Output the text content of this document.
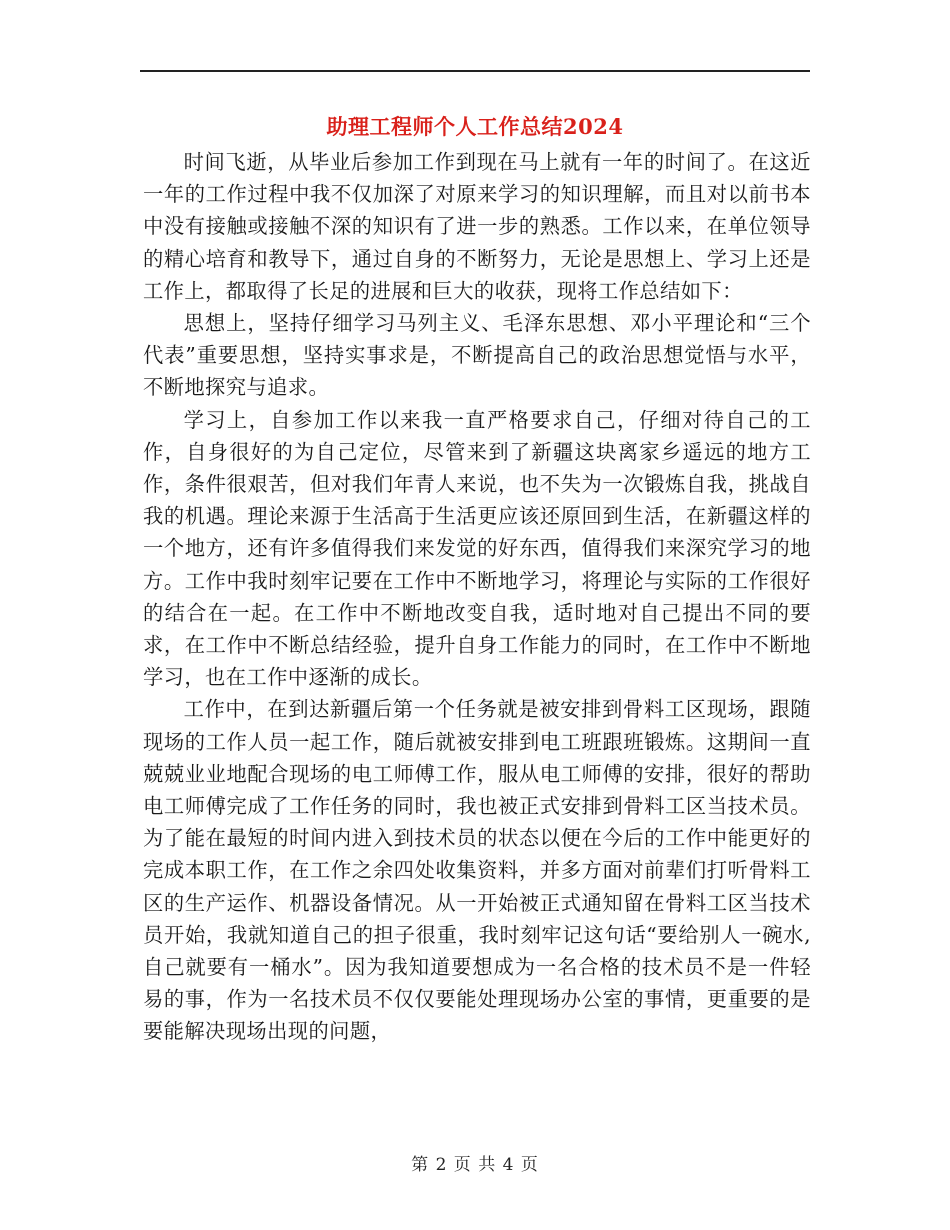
助理工程师个人工作总结2024

时间飞逝，从毕业后参加工作到现在马上就有一年的时间了。在这近一年的工作过程中我不仅加深了对原来学习的知识理解，而且对以前书本中没有接触或接触不深的知识有了进一步的熟悉。工作以来，在单位领导的精心培育和教导下，通过自身的不断努力，无论是思想上、学习上还是工作上，都取得了长足的进展和巨大的收获，现将工作总结如下：

思想上，坚持仔细学习马列主义、毛泽东思想、邓小平理论和“三个代表”重要思想，坚持实事求是，不断提高自己的政治思想觉悟与水平，不断地探究与追求。

学习上，自参加工作以来我一直严格要求自己，仔细对待自己的工作，自身很好的为自己定位，尽管来到了新疆这块离家乡遥远的地方工作，条件很艰苦，但对我们年青人来说，也不失为一次锻炼自我，挑战自我的机遇。理论来源于生活高于生活更应该还原回到生活，在新疆这样的一个地方，还有许多值得我们来发觉的好东西，值得我们来深究学习的地方。工作中我时刻牢记要在工作中不断地学习，将理论与实际的工作很好的结合在一起。在工作中不断地改变自我，适时地对自己提出不同的要求，在工作中不断总结经验，提升自身工作能力的同时，在工作中不断地学习，也在工作中逐渐的成长。

工作中，在到达新疆后第一个任务就是被安排到骨料工区现场，跟随现场的工作人员一起工作，随后就被安排到电工班跟班锻炼。这期间一直兢兢业业地配合现场的电工师傅工作，服从电工师傅的安排，很好的帮助电工师傅完成了工作任务的同时，我也被正式安排到骨料工区当技术员。为了能在最短的时间内进入到技术员的状态以便在今后的工作中能更好的完成本职工作，在工作之余四处收集资料，并多方面对前辈们打听骨料工区的生产运作、机器设备情况。从一开始被正式通知留在骨料工区当技术员开始，我就知道自己的担子很重，我时刻牢记这句话“要给别人一碗水,自己就要有一桶水”。因为我知道要想成为一名合格的技术员不是一件轻易的事，作为一名技术员不仅仅要能处理现场办公室的事情，更重要的是要能解决现场出现的问题，

第 2 页 共 4 页
